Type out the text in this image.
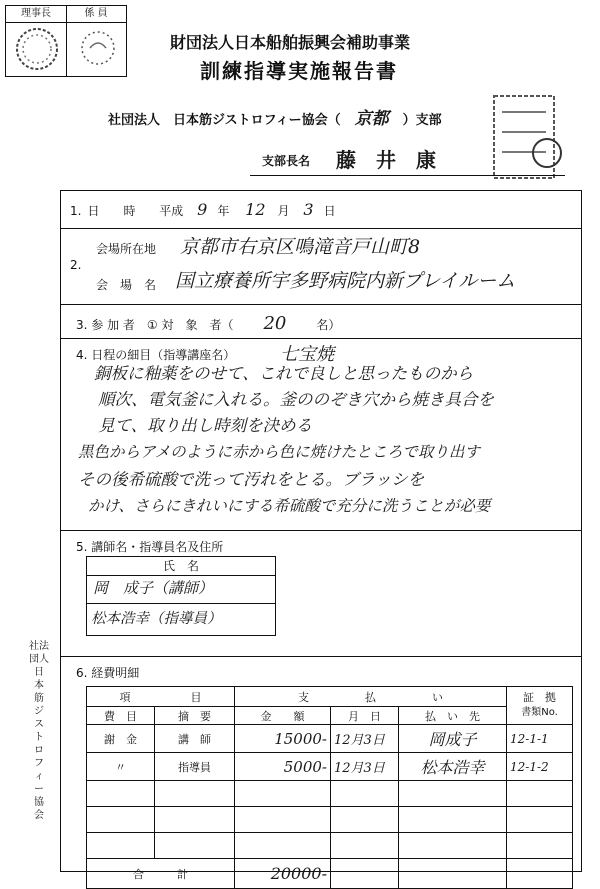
理事長	係 員
財団法人日本船舶振興会補助事業
訓練指導実施報告書
社団法人　日本筋ジストロフィー協会（ 京都 ）支部
支部長名 藤　井　康
1. 日　　時 平成 9 年 12 月 3 日
2.
会場所在地 京都市右京区鳴滝音戸山町8
会　場　名 国立療養所宇多野病院内新プレイルーム
3. 参 加 者　① 対　象　者（ 20	名）
4. 日程の細目（指導講座名） 七宝焼
銅板に釉薬をのせて、これで良しと思ったものから
順次、電気釜に入れる。釜ののぞき穴から焼き具合を
見て、取り出し時刻を決める
黒色からアメのように赤から色に焼けたところで取り出す
その後希硫酸で洗って汚れをとる。ブラッシを
かけ、さらにきれいにする希硫酸で充分に洗うことが必要
5. 講師名・指導員名及住所
氏　名
岡　成子（講師）
松本浩幸（指導員）
6. 経費明細
項 目		支 払 い			証　拠
書類No.
費　目	摘　要	金　　額	月　日	払　い　先	
謝　金	講　師	15000-	12月3日	岡成子	12-1-1
〃	指導員	5000-	12月3日	松本浩幸	12-1-2

合　　　計		20000-			
社法
団人
日
本
筋
ジ
ス
ト
ロ
フ
ィ
ー
協
会
